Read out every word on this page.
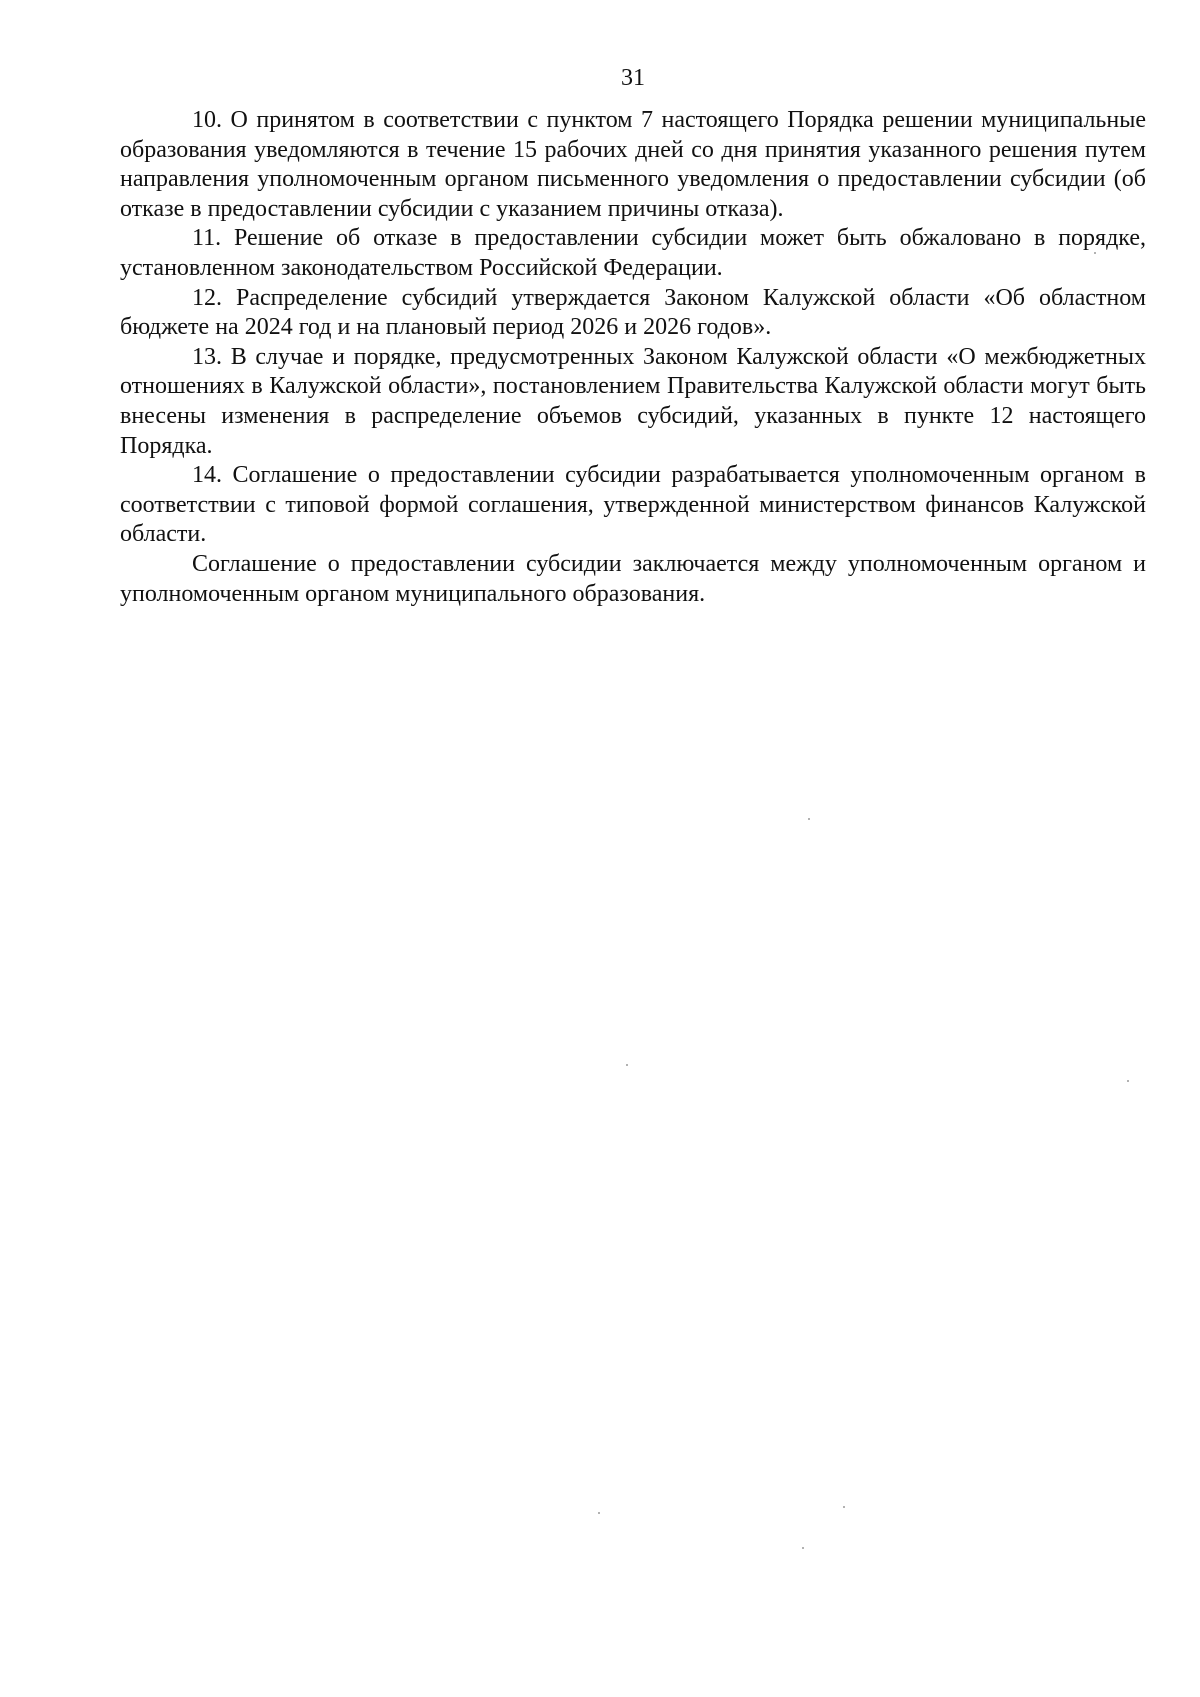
31

10. О принятом в соответствии с пунктом 7 настоящего Порядка решении муниципальные образования уведомляются в течение 15 рабочих дней со дня принятия указанного решения путем направления уполномоченным органом письменного уведомления о предоставлении субсидии (об отказе в предоставлении субсидии с указанием причины отказа).

11. Решение об отказе в предоставлении субсидии может быть обжаловано в порядке, установленном законодательством Российской Федерации.

12. Распределение субсидий утверждается Законом Калужской области «Об областном бюджете на 2024 год и на плановый период 2026 и 2026 годов».

13. В случае и порядке, предусмотренных Законом Калужской области «О межбюджетных отношениях в Калужской области», постановлением Правительства Калужской области могут быть внесены изменения в распределение объемов субсидий, указанных в пункте 12 настоящего Порядка.

14. Соглашение о предоставлении субсидии разрабатывается уполномоченным органом в соответствии с типовой формой соглашения, утвержденной министерством финансов Калужской области.

Соглашение о предоставлении субсидии заключается между уполномоченным органом и уполномоченным органом муниципального образования.
